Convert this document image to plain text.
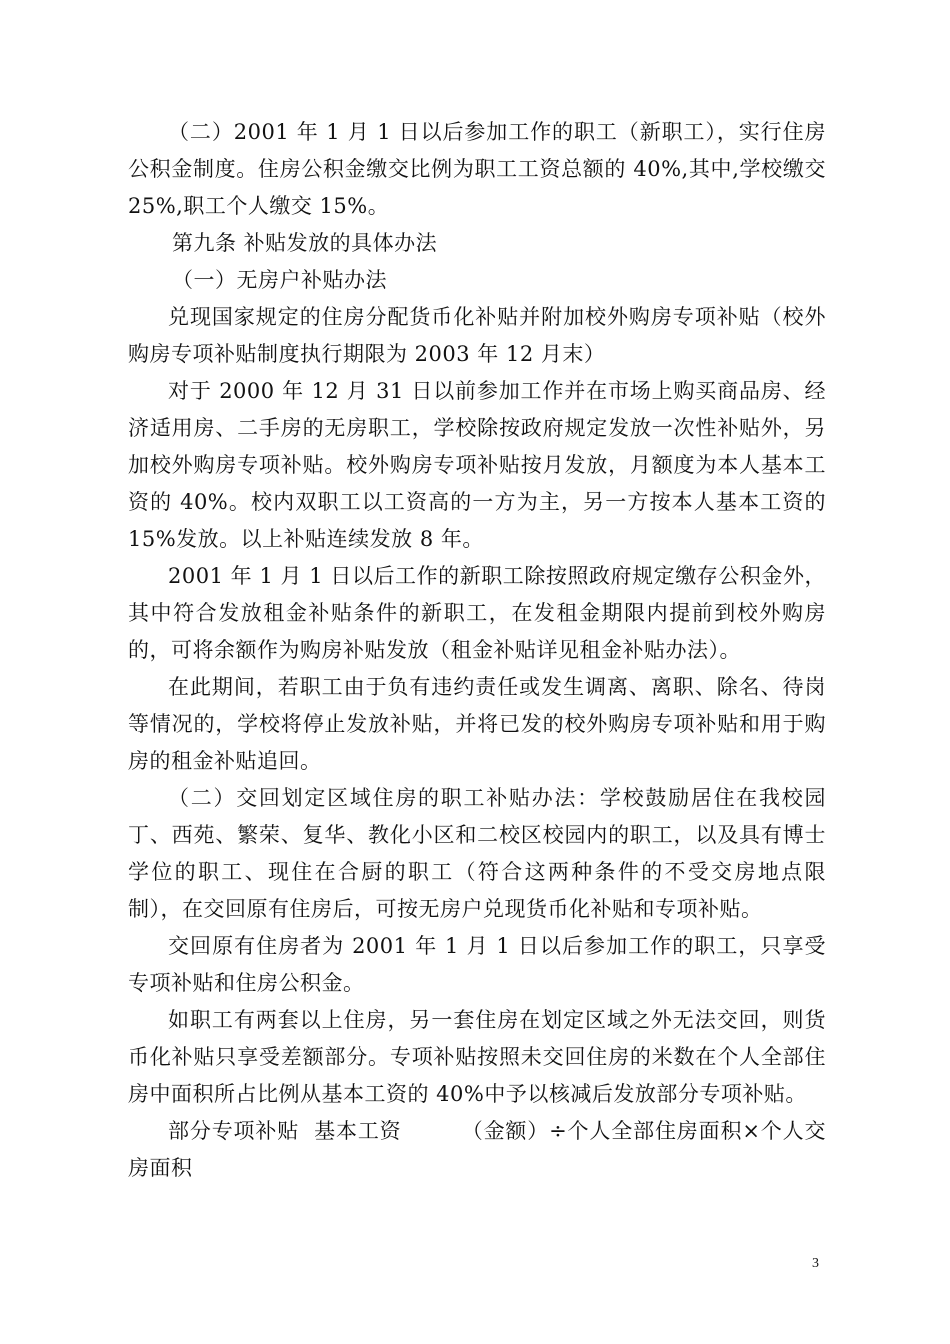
（二）2001 年 1 月 1 日以后参加工作的职工（新职工），实行住房公积金制度。住房公积金缴交比例为职工工资总额的 40%,其中,学校缴交 25%,职工个人缴交 15%。

第九条 补贴发放的具体办法

（一）无房户补贴办法

兑现国家规定的住房分配货币化补贴并附加校外购房专项补贴（校外购房专项补贴制度执行期限为 2003 年 12 月末）

对于 2000 年 12 月 31 日以前参加工作并在市场上购买商品房、经济适用房、二手房的无房职工，学校除按政府规定发放一次性补贴外，另加校外购房专项补贴。校外购房专项补贴按月发放，月额度为本人基本工资的 40%。校内双职工以工资高的一方为主，另一方按本人基本工资的 15%发放。以上补贴连续发放 8 年。

2001 年 1 月 1 日以后工作的新职工除按照政府规定缴存公积金外，其中符合发放租金补贴条件的新职工，在发租金期限内提前到校外购房的，可将余额作为购房补贴发放（租金补贴详见租金补贴办法）。

在此期间，若职工由于负有违约责任或发生调离、离职、除名、待岗等情况的，学校将停止发放补贴，并将已发的校外购房专项补贴和用于购房的租金补贴追回。

（二）交回划定区域住房的职工补贴办法：学校鼓励居住在我校园丁、西苑、繁荣、复华、教化小区和二校区校园内的职工，以及具有博士学位的职工、现住在合厨的职工（符合这两种条件的不受交房地点限制），在交回原有住房后，可按无房户兑现货币化补贴和专项补贴。

交回原有住房者为 2001 年 1 月 1 日以后参加工作的职工，只享受专项补贴和住房公积金。

如职工有两套以上住房，另一套住房在划定区域之外无法交回，则货币化补贴只享受差额部分。专项补贴按照未交回住房的米数在个人全部住房中面积所占比例从基本工资的 40%中予以核减后发放部分专项补贴。

部分专项补贴  基本工资        （金额）÷个人全部住房面积×个人交房面积

3
